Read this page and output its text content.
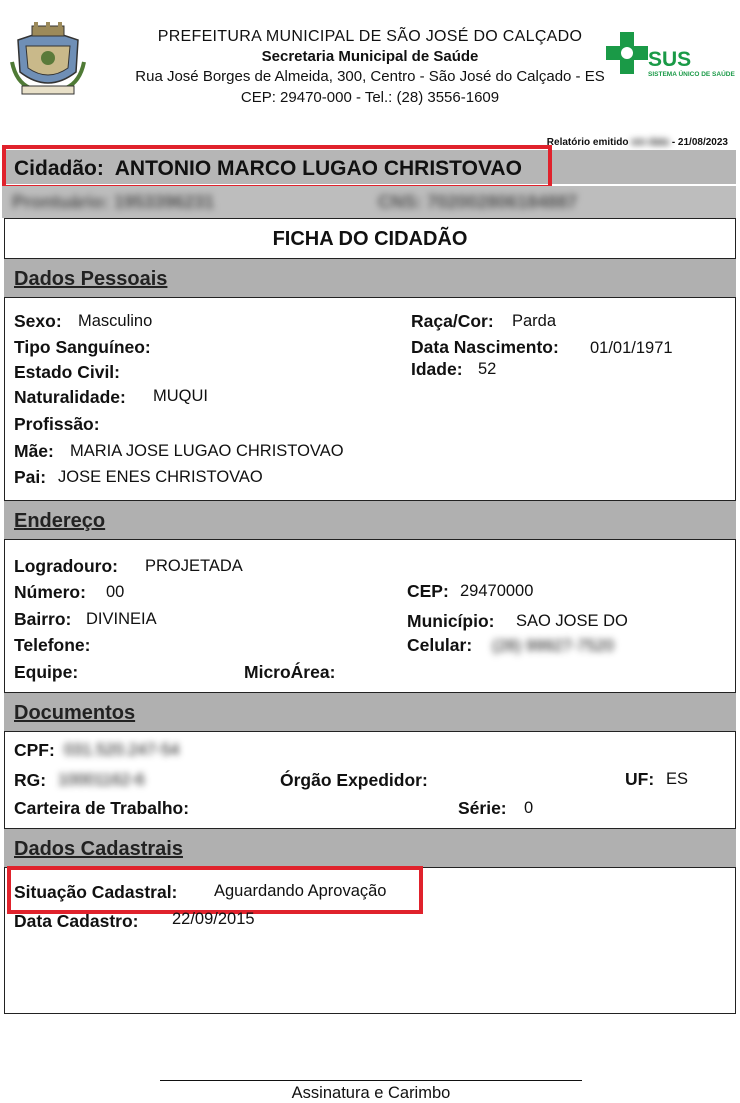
PREFEITURA MUNICIPAL DE SÃO JOSÉ DO CALÇADO
Secretaria Municipal de Saúde
Rua José Borges de Almeida, 300, Centro - São José do Calçado - ES
CEP: 29470-000 - Tel.: (28) 3556-1609
SUS
SISTEMA ÚNICO DE SAÚDE
Relatório emitido em data - 21/08/2023
Cidadão: ANTONIO MARCO LUGAO CHRISTOVAO
Prontuário: 1953396231	CNS: 702002806184887
FICHA DO CIDADÃO
Dados Pessoais
Sexo: Masculino
Tipo Sanguíneo:
Estado Civil:
Naturalidade: MUQUI
Profissão:
Mãe: MARIA JOSE LUGAO CHRISTOVAO
Pai: JOSE ENES CHRISTOVAO
Raça/Cor: Parda
Data Nascimento: 01/01/1971
Idade: 52
Endereço
Logradouro: PROJETADA
Número: 00
Bairro: DIVINEIA
Telefone:
Equipe:	MicroÁrea:
CEP: 29470000
Município: SAO JOSE DO
Celular: (28) 99927-7520
Documentos
CPF: 031.520.247-54
RG: 10001162-6	Órgão Expedidor:	UF: ES
Carteira de Trabalho:	Série: 0
Dados Cadastrais
Situação Cadastral: Aguardando Aprovação
Data Cadastro: 22/09/2015
Assinatura e Carimbo
